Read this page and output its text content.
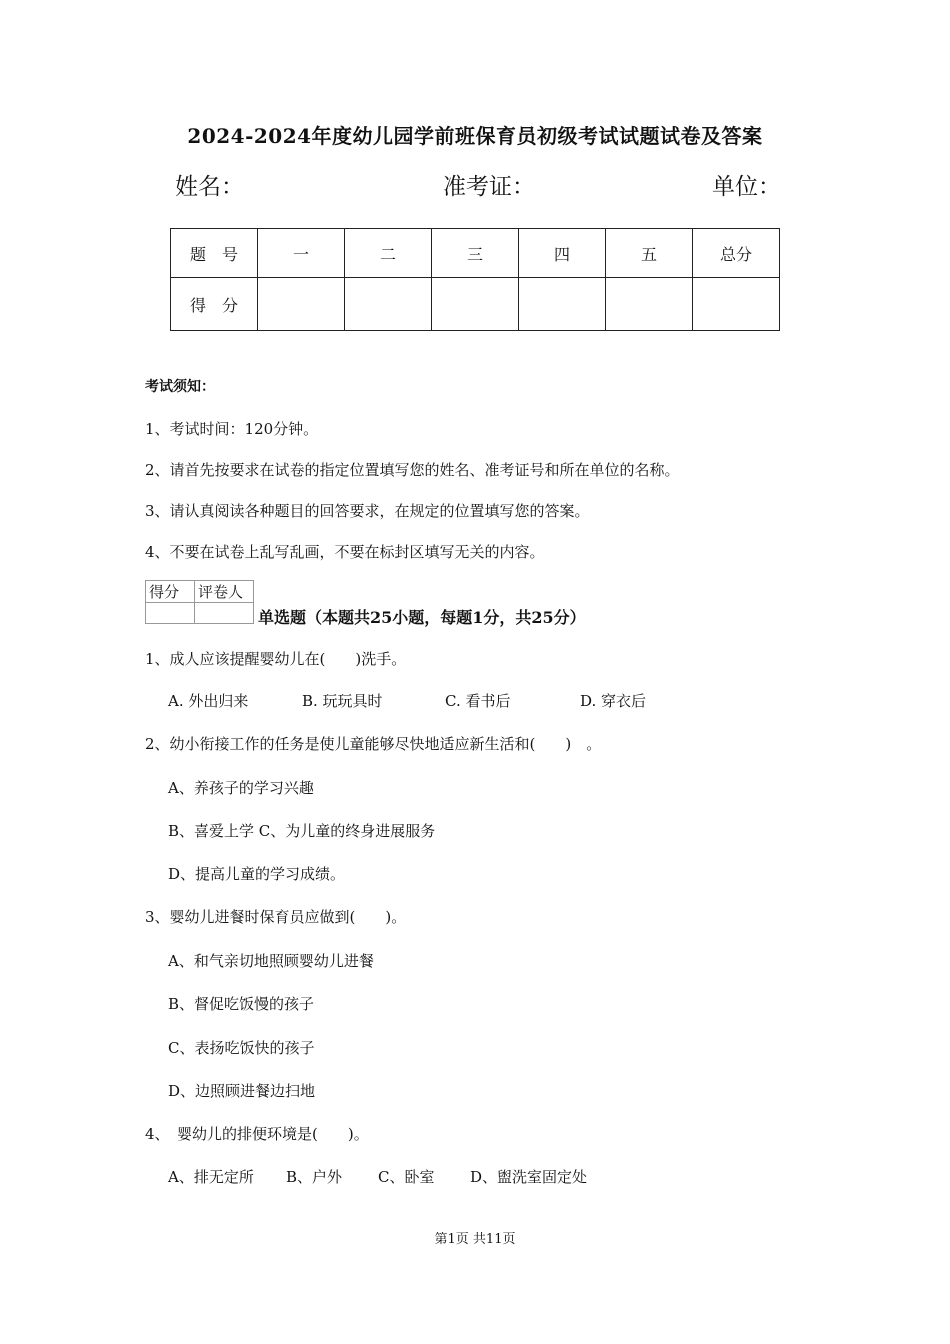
2024-2024年度幼儿园学前班保育员初级考试试题试卷及答案
姓名：	准考证：	单位：
题　号	一	二	三	四	五	总分
得　分						
考试须知：
1、考试时间：120分钟。
2、请首先按要求在试卷的指定位置填写您的姓名、准考证号和所在单位的名称。
3、请认真阅读各种题目的回答要求，在规定的位置填写您的答案。
4、不要在试卷上乱写乱画，不要在标封区填写无关的内容。
得分	评卷人

单选题（本题共25小题，每题1分，共25分）
1、成人应该提醒婴幼儿在(　　)洗手。
A. 外出归来	B. 玩玩具时	C. 看书后	D. 穿衣后
2、幼小衔接工作的任务是使儿童能够尽快地适应新生活和(　　)　。
A、养孩子的学习兴趣
B、喜爱上学 C、为儿童的终身进展服务
D、提高儿童的学习成绩。
3、婴幼儿进餐时保育员应做到(　　)。
A、和气亲切地照顾婴幼儿进餐
B、督促吃饭慢的孩子
C、表扬吃饭快的孩子
D、边照顾进餐边扫地
4、　婴幼儿的排便环境是(　　)。
A、排无定所 B、户外 C、卧室 D、盥洗室固定处
第1页 共11页
